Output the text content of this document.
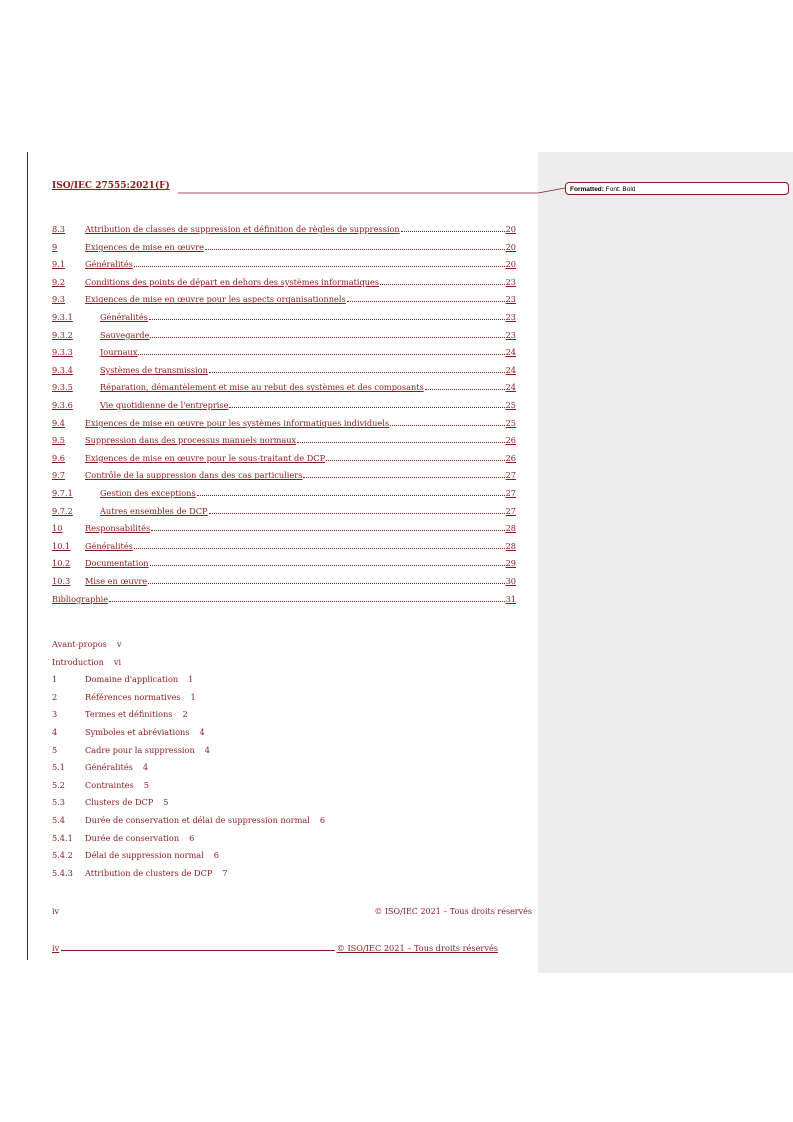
ISO/IEC 27555:2021(F)	Formatted: Font: Bold
8.3	Attribution de classes de suppression et définition de règles de suppression	20
9	Exigences de mise en œuvre	20
9.1	Généralités	20
9.2	Conditions des points de départ en dehors des systèmes informatiques	23
9.3	Exigences de mise en œuvre pour les aspects organisationnels	23
9.3.1	Généralités	23
9.3.2	Sauvegarde	23
9.3.3	Journaux	24
9.3.4	Systèmes de transmission	24
9.3.5	Réparation, démantèlement et mise au rebut des systèmes et des composants	24
9.3.6	Vie quotidienne de l'entreprise	25
9.4	Exigences de mise en œuvre pour les systèmes informatiques individuels	25
9.5	Suppression dans des processus manuels normaux	26
9.6	Exigences de mise en œuvre pour le sous-traitant de DCP	26
9.7	Contrôle de la suppression dans des cas particuliers	27
9.7.1	Gestion des exceptions	27
9.7.2	Autres ensembles de DCP	27
10	Responsabilités	28
10.1	Généralités	28
10.2	Documentation	29
10.3	Mise en œuvre	30
Bibliographie	31
Avant-propos v
Introduction vi
1	Domaine d'application 1
2	Références normatives 1
3	Termes et définitions 2
4	Symboles et abréviations 4
5	Cadre pour la suppression 4
5.1 Généralités 4
5.2 Contraintes 5
5.3 Clusters de DCP 5
5.4 Durée de conservation et délai de suppression normal 6
5.4.1 Durée de conservation 6
5.4.2 Délai de suppression normal 6
5.4.3 Attribution de clusters de DCP 7
iv	© ISO/IEC 2021 – Tous droits réservés
iv	© ISO/IEC 2021 – Tous droits réservés
